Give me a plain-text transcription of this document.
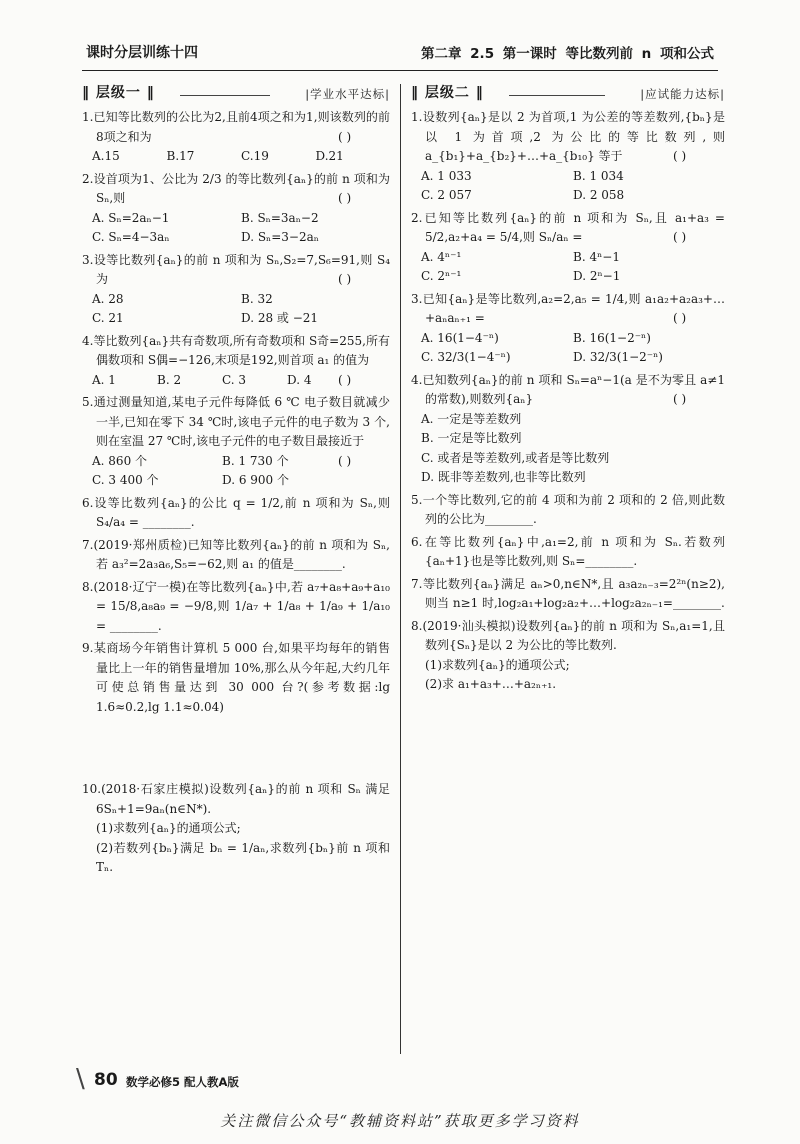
课时分层训练十四	第二章 2.5 第一课时 等比数列前 n 项和公式
‖ 层级一 ‖	|学业水平达标|
1.已知等比数列的公比为2,且前4项之和为1,则该数列的前8项之和为	( )
A.15	B.17	C.19	D.21
2.设首项为1、公比为 2/3 的等比数列{aₙ}的前 n 项和为 Sₙ,则	( )
A. Sₙ=2aₙ−1	B. Sₙ=3aₙ−2
C. Sₙ=4−3aₙ	D. Sₙ=3−2aₙ
3.设等比数列{aₙ}的前 n 项和为 Sₙ,S₂=7,S₆=91,则 S₄ 为	( )
A. 28	B. 32
C. 21	D. 28 或 −21
4.等比数列{aₙ}共有奇数项,所有奇数项和 S奇=255,所有偶数项和 S偶=−126,末项是192,则首项 a₁ 的值为
( )
A. 1	B. 2	C. 3	D. 4
5.通过测量知道,某电子元件每降低 6 ℃ 电子数目就减少一半,已知在零下 34 ℃时,该电子元件的电子数为 3 个,则在室温 27 ℃时,该电子元件的电子数目最接近于
( )
A. 860 个	B. 1 730 个
C. 3 400 个	D. 6 900 个
6.设等比数列{aₙ}的公比 q = 1/2,前 n 项和为 Sₙ,则 S₄/a₄ = ________.
7.(2019·郑州质检)已知等比数列{aₙ}的前 n 项和为 Sₙ,若 a₃²=2a₃a₆,S₅=−62,则 a₁ 的值是________.
8.(2018·辽宁一模)在等比数列{aₙ}中,若 a₇+a₈+a₉+a₁₀ = 15/8,a₈a₉ = −9/8,则 1/a₇ + 1/a₈ + 1/a₉ + 1/a₁₀ = ________.
9.某商场今年销售计算机 5 000 台,如果平均每年的销售量比上一年的销售量增加 10%,那么从今年起,大约几年可使总销售量达到 30 000 台?(参考数据:lg 1.6≈0.2,lg 1.1≈0.04)
10.(2018·石家庄模拟)设数列{aₙ}的前 n 项和 Sₙ 满足 6Sₙ+1=9aₙ(n∈N*).
(1)求数列{aₙ}的通项公式;
(2)若数列{bₙ}满足 bₙ = 1/aₙ,求数列{bₙ}前 n 项和 Tₙ.
‖ 层级二 ‖	|应试能力达标|
1.设数列{aₙ}是以 2 为首项,1 为公差的等差数列,{bₙ}是以 1 为首项,2 为公比的等比数列,则 a_{b₁}+a_{b₂}+…+a_{b₁₀} 等于	( )
A. 1 033	B. 1 034
C. 2 057	D. 2 058
2.已知等比数列{aₙ}的前 n 项和为 Sₙ,且 a₁+a₃ = 5/2,a₂+a₄ = 5/4,则 Sₙ/aₙ =	( )
A. 4ⁿ⁻¹	B. 4ⁿ−1
C. 2ⁿ⁻¹	D. 2ⁿ−1
3.已知{aₙ}是等比数列,a₂=2,a₅ = 1/4,则 a₁a₂+a₂a₃+…+aₙaₙ₊₁ =	( )
A. 16(1−4⁻ⁿ)	B. 16(1−2⁻ⁿ)
C. 32/3(1−4⁻ⁿ)	D. 32/3(1−2⁻ⁿ)
4.已知数列{aₙ}的前 n 项和 Sₙ=aⁿ−1(a 是不为零且 a≠1 的常数),则数列{aₙ}	( )
A. 一定是等差数列
B. 一定是等比数列
C. 或者是等差数列,或者是等比数列
D. 既非等差数列,也非等比数列
5.一个等比数列,它的前 4 项和为前 2 项和的 2 倍,则此数列的公比为________.
6.在等比数列{aₙ}中,a₁=2,前 n 项和为 Sₙ.若数列{aₙ+1}也是等比数列,则 Sₙ=________.
7.等比数列{aₙ}满足 aₙ>0,n∈N*,且 a₃a₂ₙ₋₃=2²ⁿ(n≥2),则当 n≥1 时,log₂a₁+log₂a₂+…+log₂a₂ₙ₋₁=________.
8.(2019·汕头模拟)设数列{aₙ}的前 n 项和为 Sₙ,a₁=1,且数列{Sₙ}是以 2 为公比的等比数列.
(1)求数列{aₙ}的通项公式;
(2)求 a₁+a₃+…+a₂ₙ₊₁.
\ 80 数学必修5 配人教A版
关注微信公众号“教辅资料站”获取更多学习资料
